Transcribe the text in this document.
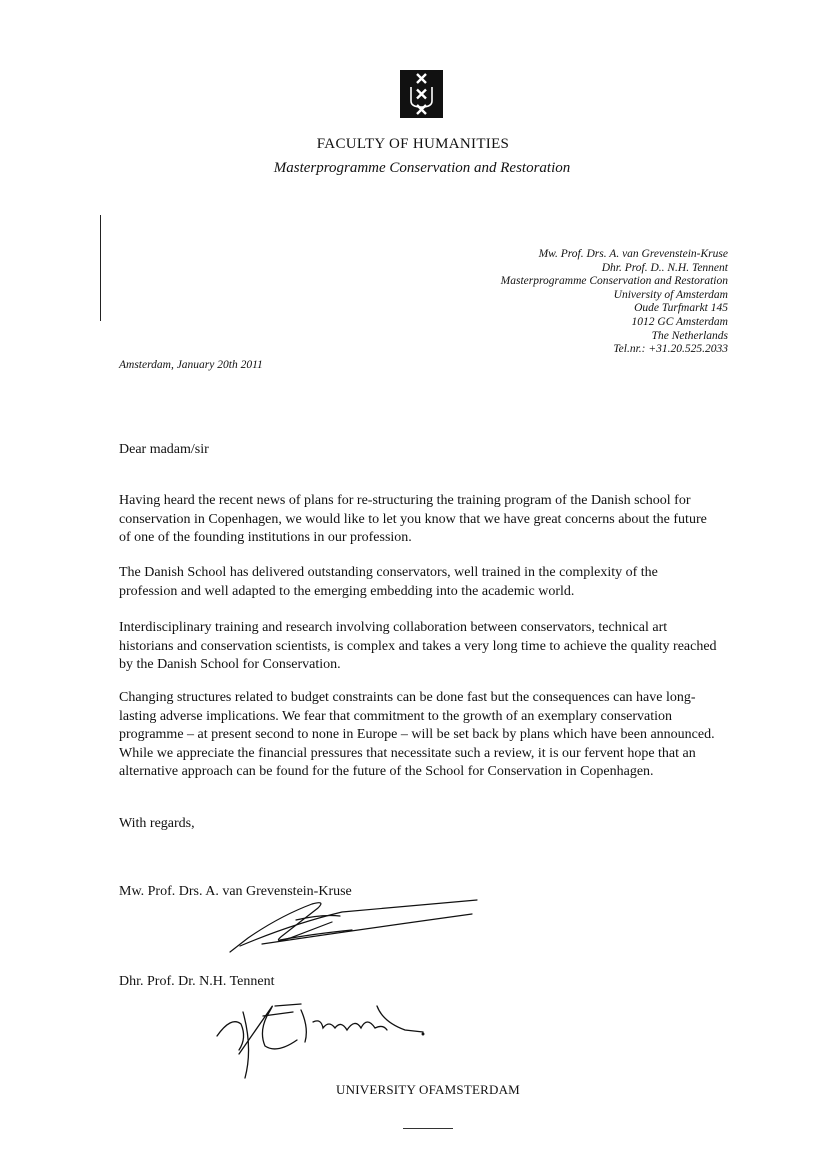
FACULTY OF HUMANITIES
Masterprogramme Conservation and Restoration
Mw. Prof. Drs. A. van Grevenstein-Kruse
Dhr. Prof. D.. N.H. Tennent
Masterprogramme Conservation and Restoration
University of Amsterdam
Oude Turfmarkt 145
1012 GC Amsterdam
The Netherlands
Tel.nr.: +31.20.525.2033
Amsterdam, January 20th 2011
Dear madam/sir
Having heard the recent news of plans for re-structuring the training program of the Danish school for conservation in Copenhagen, we would like to let you know that we have great concerns about the future of one of the founding institutions in our profession.
The Danish School has delivered outstanding conservators, well trained in the complexity of the profession and well adapted to the emerging embedding into the academic world.
Interdisciplinary training and research involving collaboration between conservators, technical art historians and conservation scientists, is complex and takes a very long time to achieve the quality reached by the Danish School for Conservation.
Changing structures related to budget constraints can be done fast but the consequences can have long-lasting adverse implications. We fear that commitment to the growth of an exemplary conservation programme – at present second to none in Europe – will be set back by plans which have been announced. While we appreciate the financial pressures that necessitate such a review, it is our fervent hope that an alternative approach can be found for the future of the School for Conservation in Copenhagen.
With regards,
Mw. Prof. Drs. A. van Grevenstein-Kruse
Dhr. Prof. Dr. N.H. Tennent
UNIVERSITY OFAMSTERDAM
